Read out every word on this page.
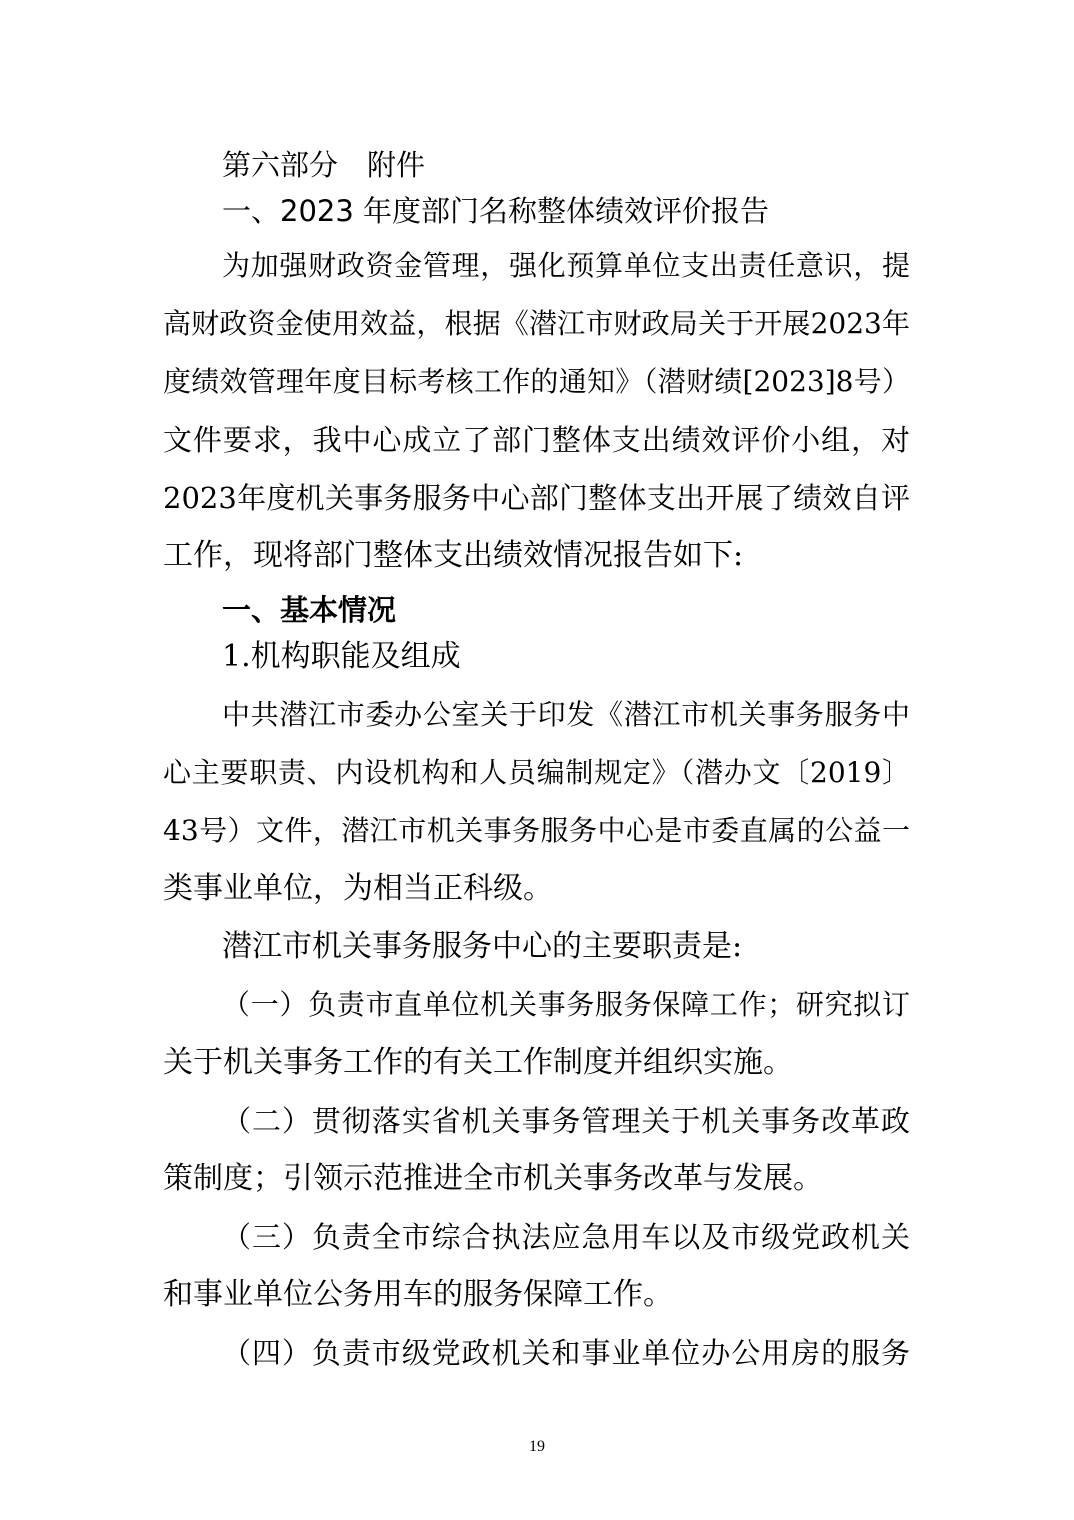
第六部分　附件
一、2023 年度部门名称整体绩效评价报告
为加强财政资金管理，强化预算单位支出责任意识，提
高财政资金使用效益，根据《潜江市财政局关于开展2023年
度绩效管理年度目标考核工作的通知》（潜财绩[2023]8号）
文件要求，我中心成立了部门整体支出绩效评价小组，对
2023年度机关事务服务中心部门整体支出开展了绩效自评
工作，现将部门整体支出绩效情况报告如下:
一、基本情况
1.机构职能及组成
中共潜江市委办公室关于印发《潜江市机关事务服务中
心主要职责、内设机构和人员编制规定》（潜办文〔2019〕
43号）文件，潜江市机关事务服务中心是市委直属的公益一
类事业单位，为相当正科级。
潜江市机关事务服务中心的主要职责是:
（一）负责市直单位机关事务服务保障工作；研究拟订
关于机关事务工作的有关工作制度并组织实施。
（二）贯彻落实省机关事务管理关于机关事务改革政
策制度；引领示范推进全市机关事务改革与发展。
（三）负责全市综合执法应急用车以及市级党政机关
和事业单位公务用车的服务保障工作。
（四）负责市级党政机关和事业单位办公用房的服务
19
